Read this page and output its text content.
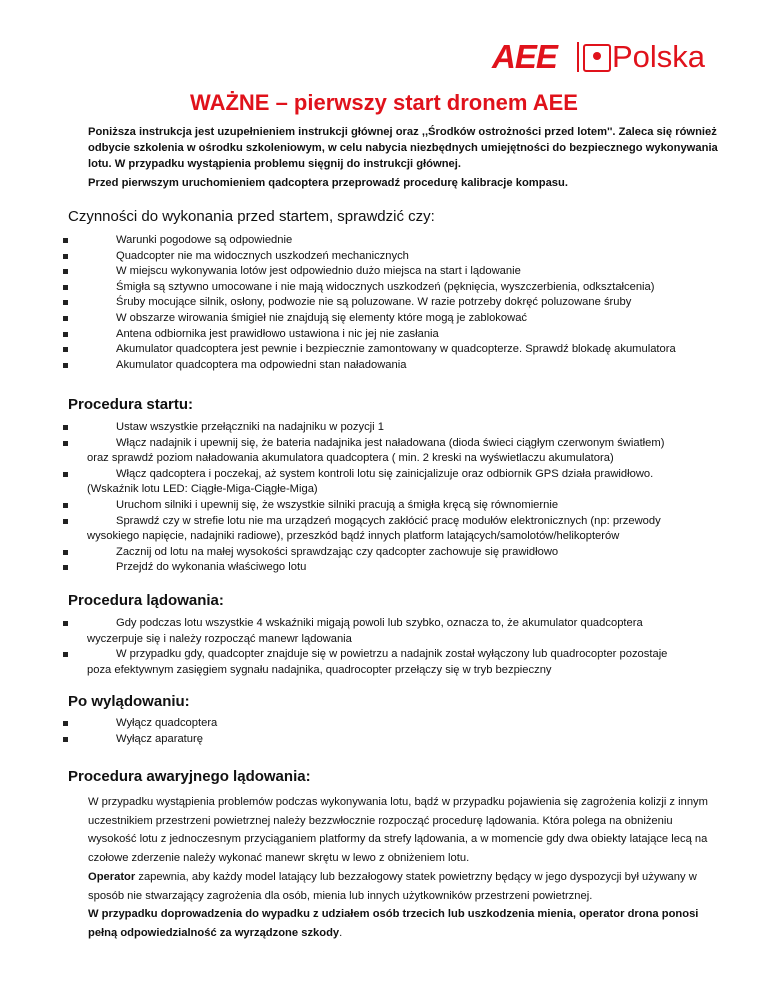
AEE Polska
WAŻNE – pierwszy start dronem AEE
Poniższa instrukcja jest uzupełnieniem instrukcji głównej oraz ,,Środków ostrożności przed lotem''. Zaleca się również odbycie szkolenia w ośrodku szkoleniowym, w celu nabycia niezbędnych umiejętności do bezpiecznego wykonywania lotu. W przypadku wystąpienia problemu sięgnij do instrukcji głównej.
Przed pierwszym uruchomieniem qadcoptera przeprowadź procedurę kalibracje kompasu.
Czynności do wykonania przed startem, sprawdzić czy:
Warunki pogodowe są odpowiednie
Quadcopter nie ma widocznych uszkodzeń mechanicznych
W miejscu wykonywania lotów jest odpowiednio dużo miejsca na start i lądowanie
Śmigła są sztywno umocowane i nie mają widocznych uszkodzeń (pęknięcia, wyszczerbienia, odkształcenia)
Śruby mocujące silnik, osłony, podwozie nie są poluzowane. W razie potrzeby dokręć poluzowane śruby
W obszarze wirowania śmigieł nie znajdują się elementy które mogą je zablokować
Antena odbiornika jest prawidłowo ustawiona i nic jej nie zasłania
Akumulator quadcoptera jest pewnie i bezpiecznie zamontowany w quadcopterze. Sprawdź blokadę akumulatora
Akumulator quadcoptera ma odpowiedni stan naładowania
Procedura startu:
Ustaw wszystkie przełączniki na nadajniku w pozycji 1
Włącz nadajnik i upewnij się, że bateria nadajnika jest naładowana (dioda świeci ciągłym czerwonym światłem)
oraz sprawdź poziom naładowania akumulatora quadcoptera ( min. 2 kreski na wyświetlaczu akumulatora)
Włącz qadcoptera i poczekaj, aż system kontroli lotu się zainicjalizuje oraz odbiornik GPS działa prawidłowo.
(Wskaźnik lotu LED: Ciągłe-Miga-Ciągłe-Miga)
Uruchom silniki i upewnij się, że wszystkie silniki pracują a śmigła kręcą się równomiernie
Sprawdź czy w strefie lotu nie ma urządzeń mogących zakłócić pracę modułów elektronicznych (np: przewody
wysokiego napięcie, nadajniki radiowe), przeszkód bądź innych platform latających/samolotów/helikopterów
Zacznij od lotu na małej wysokości sprawdzając czy qadcopter zachowuje się prawidłowo
Przejdź do wykonania właściwego lotu
Procedura lądowania:
Gdy podczas lotu wszystkie 4 wskaźniki migają powoli lub szybko, oznacza to, że akumulator quadcoptera
wyczerpuje się i należy rozpocząć manewr lądowania
W przypadku gdy, quadcopter znajduje się w powietrzu a nadajnik został wyłączony lub quadrocopter pozostaje
poza efektywnym zasięgiem sygnału nadajnika, quadrocopter przełączy się w tryb bezpieczny
Po wylądowaniu:
Wyłącz quadcoptera
Wyłącz aparaturę
Procedura awaryjnego lądowania:
W przypadku wystąpienia problemów podczas wykonywania lotu, bądź w przypadku pojawienia się zagrożenia kolizji z innym uczestnikiem przestrzeni powietrznej należy bezzwłocznie rozpocząć procedurę lądowania. Która polega na obniżeniu wysokość lotu z jednoczesnym przyciąganiem platformy da strefy lądowania, a w momencie gdy dwa obiekty latające lecą na czołowe zderzenie należy wykonać manewr skrętu w lewo z obniżeniem lotu.
Operator zapewnia, aby każdy model latający lub bezzałogowy statek powietrzny będący w jego dyspozycji był używany w sposób nie stwarzający zagrożenia dla osób, mienia lub innych użytkowników przestrzeni powietrznej.
W przypadku doprowadzenia do wypadku z udziałem osób trzecich lub uszkodzenia mienia, operator drona ponosi pełną odpowiedzialność za wyrządzone szkody.
